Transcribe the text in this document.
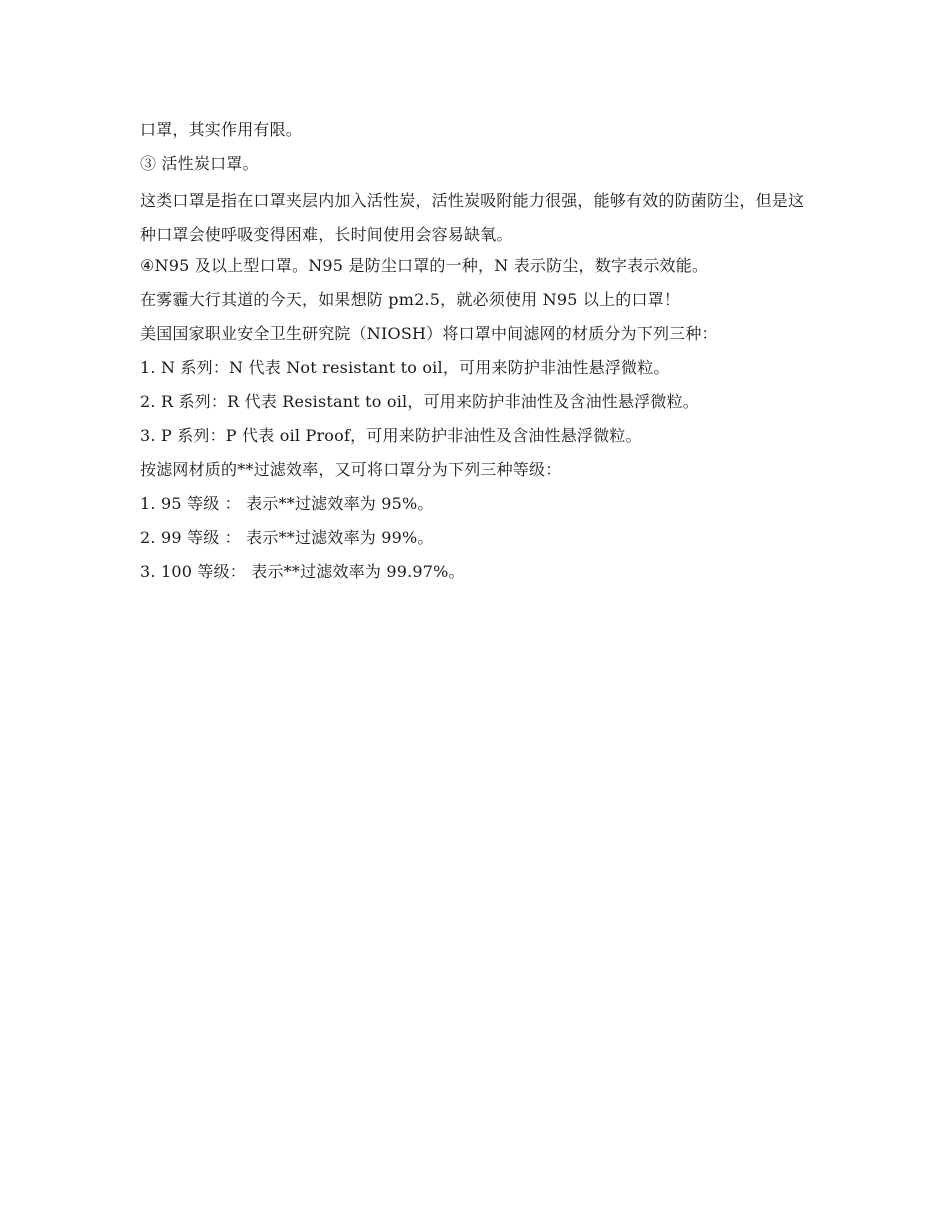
口罩，其实作用有限。
③ 活性炭口罩。
这类口罩是指在口罩夹层内加入活性炭，活性炭吸附能力很强，能够有效的防菌防尘，但是这种口罩会使呼吸变得困难，长时间使用会容易缺氧。
④N95 及以上型口罩。N95 是防尘口罩的一种，N 表示防尘，数字表示效能。
在雾霾大行其道的今天，如果想防 pm2.5，就必须使用 N95 以上的口罩！
美国国家职业安全卫生研究院（NIOSH）将口罩中间滤网的材质分为下列三种：
1. N 系列：N 代表 Not resistant to oil，可用来防护非油性悬浮微粒。
2. R 系列：R 代表 Resistant to oil，可用来防护非油性及含油性悬浮微粒。
3. P 系列：P 代表 oil Proof，可用来防护非油性及含油性悬浮微粒。
按滤网材质的**过滤效率，又可将口罩分为下列三种等级：
1. 95 等级 ： 表示**过滤效率为 95%。
2. 99 等级 ： 表示**过滤效率为 99%。
3. 100 等级： 表示**过滤效率为 99.97%。
